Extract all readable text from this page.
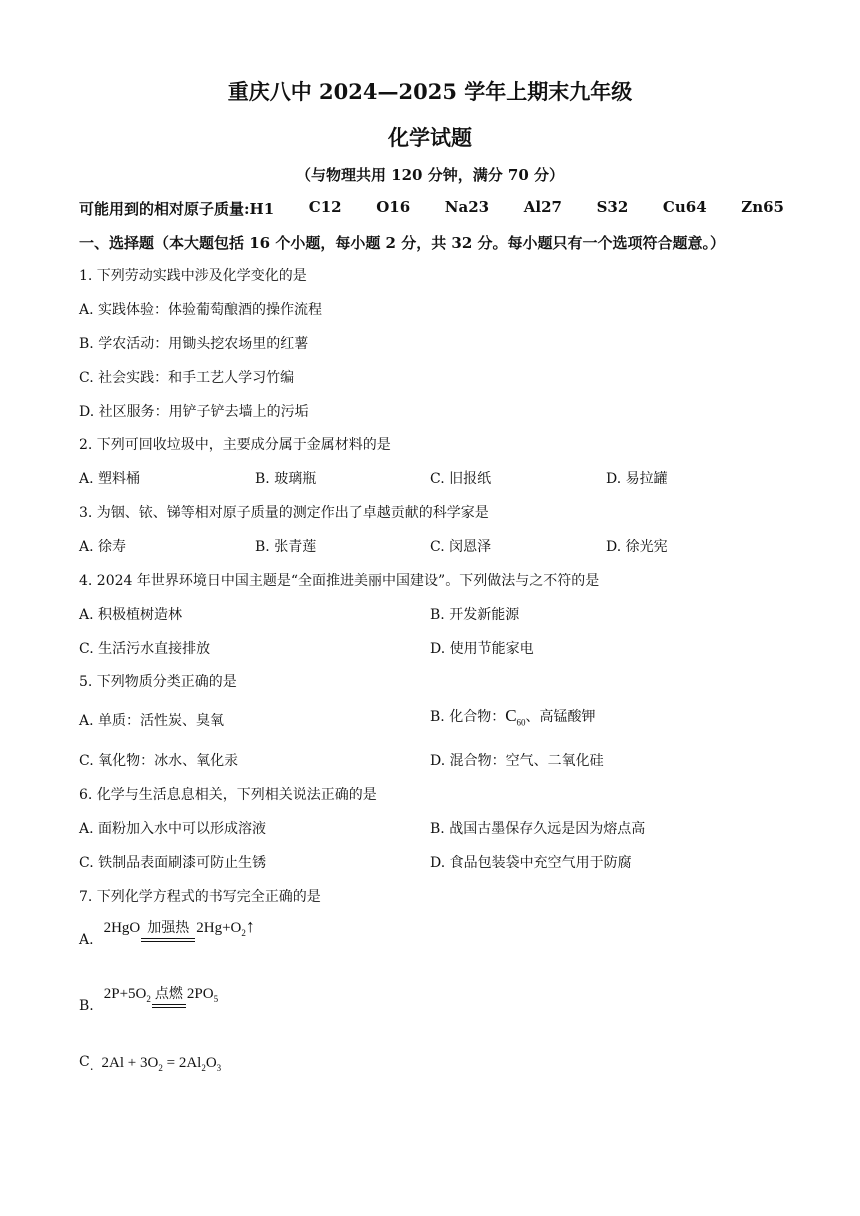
重庆八中 2024—2025 学年上期末九年级
化学试题
（与物理共用 120 分钟，满分 70 分）
可能用到的相对原子质量:H1 C12 O16 Na23 Al27 S32 Cu64 Zn65
一、选择题（本大题包括 16 个小题，每小题 2 分，共 32 分。每小题只有一个选项符合题意。）
1. 下列劳动实践中涉及化学变化的是
A. 实践体验：体验葡萄酿酒的操作流程
B. 学农活动：用锄头挖农场里的红薯
C. 社会实践：和手工艺人学习竹编
D. 社区服务：用铲子铲去墙上的污垢
2. 下列可回收垃圾中，主要成分属于金属材料的是
A. 塑料桶	B. 玻璃瓶	C. 旧报纸	D. 易拉罐
3. 为铟、铱、锑等相对原子质量的测定作出了卓越贡献的科学家是
A. 徐寿	B. 张青莲	C. 闵恩泽	D. 徐光宪
4. 2024 年世界环境日中国主题是“全面推进美丽中国建设”。下列做法与之不符的是
A. 积极植树造林	B. 开发新能源
C. 生活污水直接排放	D. 使用节能家电
5. 下列物质分类正确的是
A. 单质：活性炭、臭氧	B. 化合物：$C_{60}$、高锰酸钾
C. 氧化物：冰水、氧化汞	D. 混合物：空气、二氧化硅
6. 化学与生活息息相关，下列相关说法正确的是
A. 面粉加入水中可以形成溶液	B. 战国古墨保存久远是因为熔点高
C. 铁制品表面刷漆可防止生锈	D. 食品包装袋中充空气用于防腐
7. 下列化学方程式的书写完全正确的是
A.
2HgO 加强热 $2Hg+O_2↑$
B.
$2P+5O_2$ 点燃 $2PO_5$
$C_.$ $2Al + 3O_2 = 2Al_2O_3$
